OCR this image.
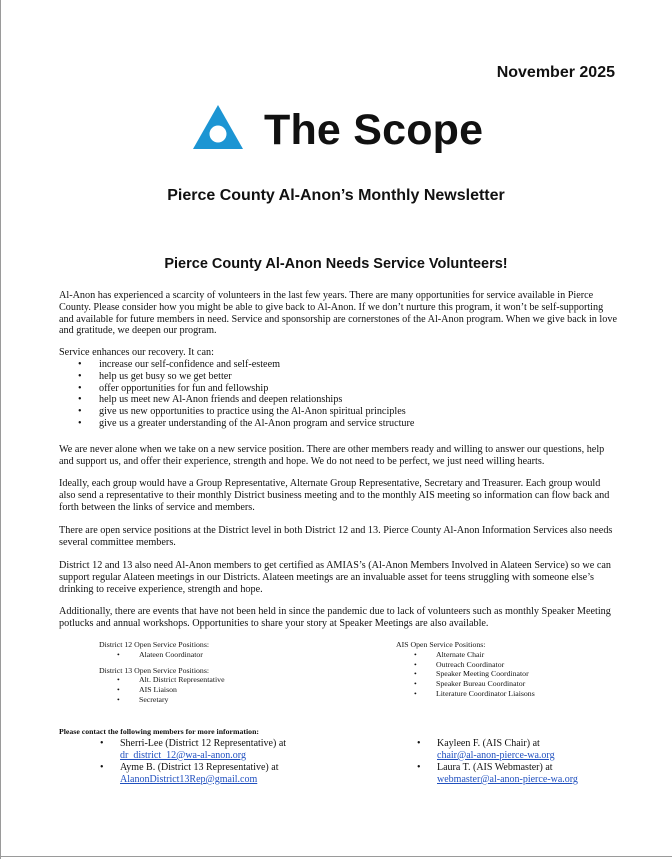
November 2025
The Scope
Pierce County Al-Anon’s Monthly Newsletter
Pierce County Al-Anon Needs Service Volunteers!

Al-Anon has experienced a scarcity of volunteers in the last few years. There are many opportunities for service available in Pierce County. Please consider how you might be able to give back to Al-Anon. If we don’t nurture this program, it won’t be self-supporting and available for future members in need. Service and sponsorship are cornerstones of the Al-Anon program. When we give back in love and gratitude, we deepen our program.

Service enhances our recovery. It can:

• increase our self-confidence and self-esteem
• help us get busy so we get better
• offer opportunities for fun and fellowship
• help us meet new Al-Anon friends and deepen relationships
• give us new opportunities to practice using the Al-Anon spiritual principles
• give us a greater understanding of the Al-Anon program and service structure

We are never alone when we take on a new service position. There are other members ready and willing to answer our questions, help and support us, and offer their experience, strength and hope. We do not need to be perfect, we just need willing hearts.

Ideally, each group would have a Group Representative, Alternate Group Representative, Secretary and Treasurer. Each group would also send a representative to their monthly District business meeting and to the monthly AIS meeting so information can flow back and forth between the links of service and members.

There are open service positions at the District level in both District 12 and 13. Pierce County Al-Anon Information Services also needs several committee members.

District 12 and 13 also need Al-Anon members to get certified as AMIAS’s (Al-Anon Members Involved in Alateen Service) so we can support regular Alateen meetings in our Districts. Alateen meetings are an invaluable asset for teens struggling with someone else’s drinking to receive experience, strength and hope.

Additionally, there are events that have not been held in since the pandemic due to lack of volunteers such as monthly Speaker Meeting potlucks and annual workshops. Opportunities to share your story at Speaker Meetings are also available.

District 12 Open Service Positions:
• Alateen Coordinator
District 13 Open Service Positions:
• Alt. District Representative
• AIS Liaison
• Secretary
AIS Open Service Positions:
• Alternate Chair
• Outreach Coordinator
• Speaker Meeting Coordinator
• Speaker Bureau Coordinator
• Literature Coordinator Liaisons
Please contact the following members for more information:
• Sherri-Lee (District 12 Representative) at
dr_district_12@wa-al-anon.org
• Ayme B. (District 13 Representative) at
AlanonDistrict13Rep@gmail.com
• Kayleen F. (AIS Chair) at
chair@al-anon-pierce-wa.org
• Laura T. (AIS Webmaster) at
webmaster@al-anon-pierce-wa.org
